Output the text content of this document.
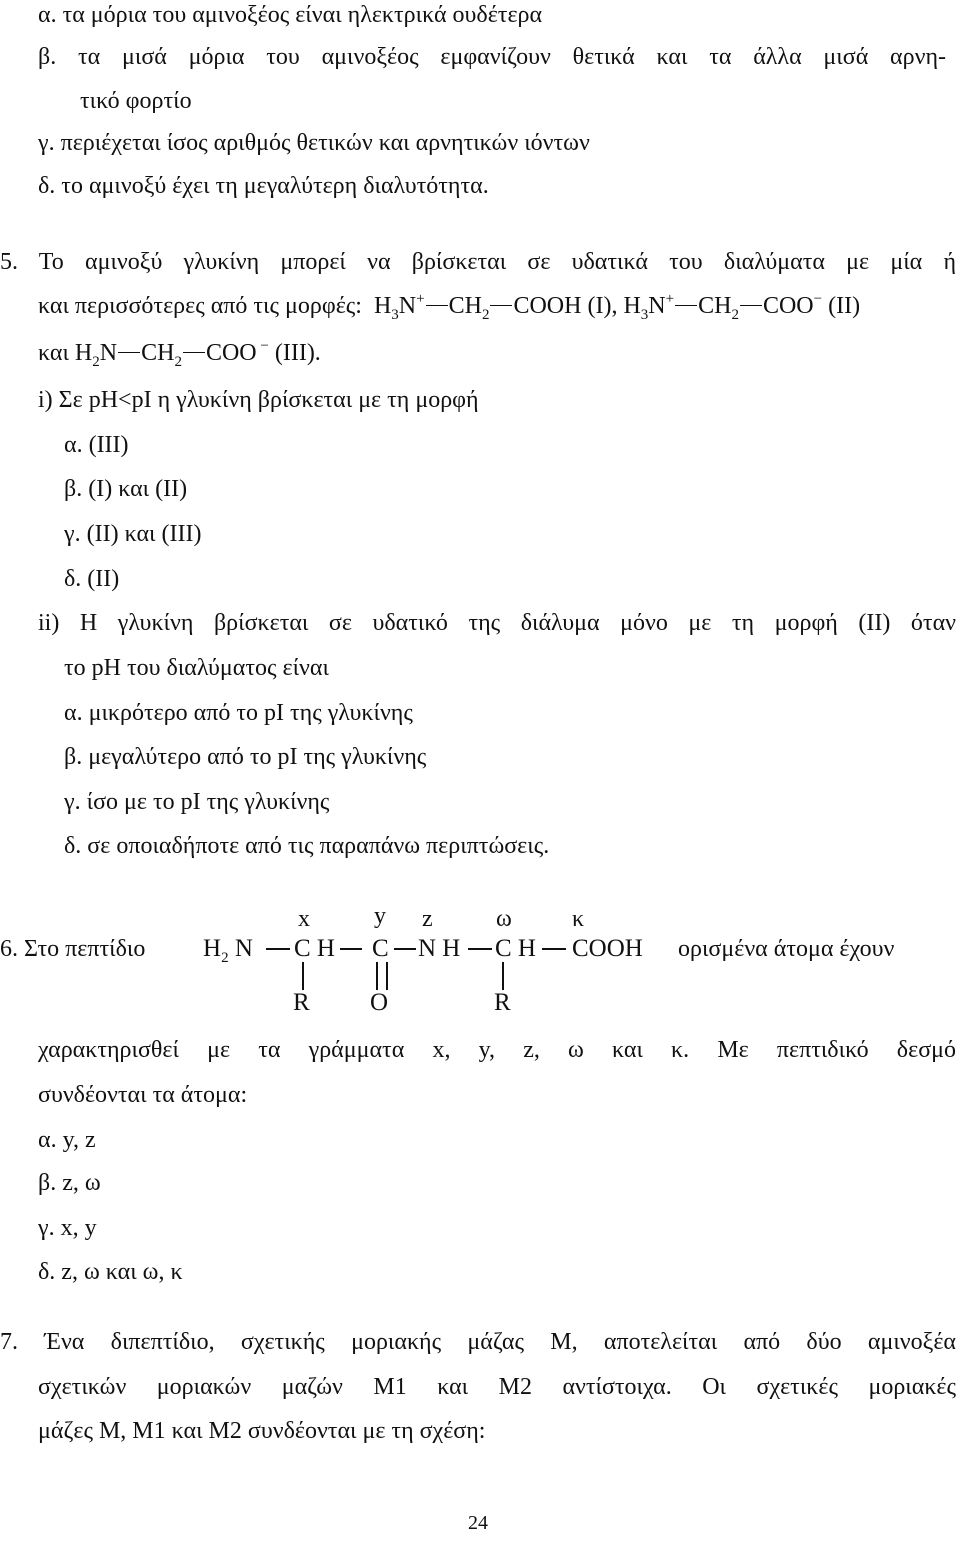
α. τα μόρια του αμινοξέος είναι ηλεκτρικά ουδέτερα
β. τα μισά μόρια του αμινοξέος εμφανίζουν θετικά και τα άλλα μισά αρνη-
τικό φορτίο
γ. περιέχεται ίσος αριθμός θετικών και αρνητικών ιόντων
δ. το αμινοξύ έχει τη μεγαλύτερη διαλυτότητα.
5. Το αμινοξύ γλυκίνη μπορεί να βρίσκεται σε υδατικά του διαλύματα με μία ή
και περισσότερες από τις μορφές:  $H_3N^+$ $CH_2$ COOH (I), $H_3N^+$ $CH_2$ COO− (II)
και $H_2N$ $CH_2$ COO − (III).
i) Σε pH<pI η γλυκίνη βρίσκεται με τη μορφή
α. (III)
β. (I) και (II)
γ. (II) και (III)
δ. (II)
ii) Η γλυκίνη βρίσκεται σε υδατικό της διάλυμα μόνο με τη μορφή (II) όταν
το pH του διαλύματος είναι
α. μικρότερο από το pI της γλυκίνης
β. μεγαλύτερο από το pI της γλυκίνης
γ. ίσο με το pI της γλυκίνης
δ. σε οποιαδήποτε από τις παραπάνω περιπτώσεις.
x	y z	ω	κ
$H_2$ N C H C N H C H COOH
R O	R
6. Στο πεπτίδιο	ορισμένα άτομα έχουν
χαρακτηρισθεί με τα γράμματα x, y, z, ω και κ. Με πεπτιδικό δεσμό
συνδέονται τα άτομα:
α. y, z
β. z, ω
γ. x, y
δ. z, ω και ω, κ
7. Ένα διπεπτίδιο, σχετικής μοριακής μάζας Μ, αποτελείται από δύο αμινοξέα
σχετικών μοριακών μαζών Μ1 και Μ2 αντίστοιχα. Οι σχετικές μοριακές
μάζες Μ, Μ1 και Μ2 συνδέονται με τη σχέση:
24
